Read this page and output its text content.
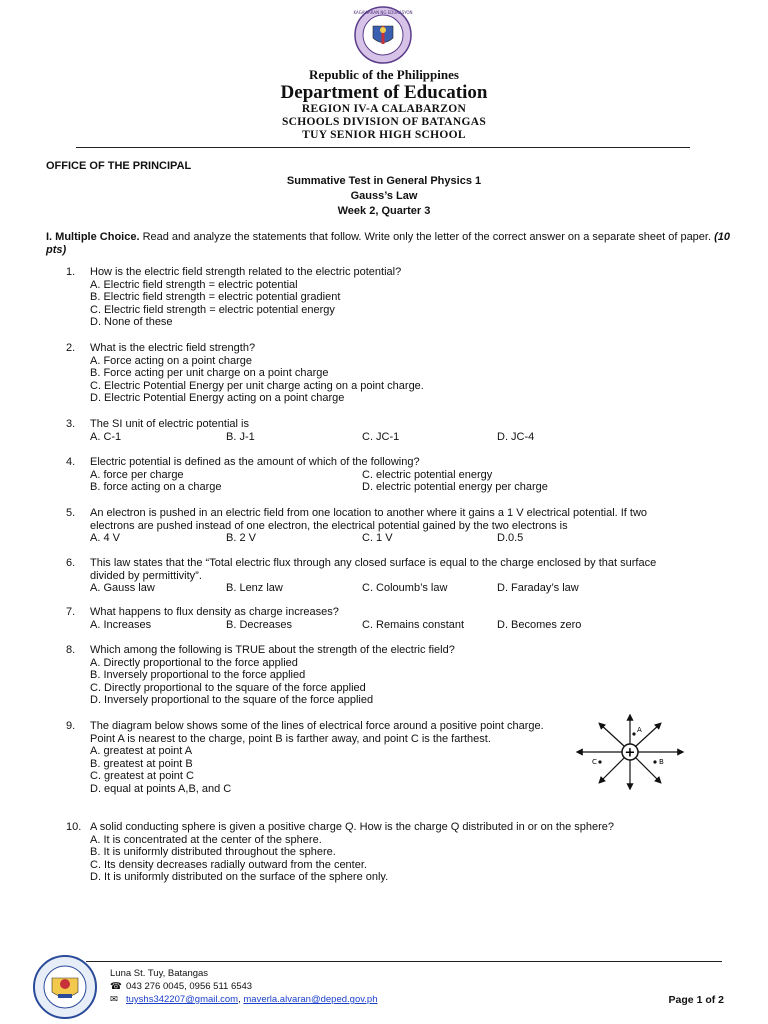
KAGAWARAN NG EDUKASYON
Republic of the Philippines
Department of Education
REGION IV-A CALABARZON
SCHOOLS DIVISION OF BATANGAS
TUY SENIOR HIGH SCHOOL
OFFICE OF THE PRINCIPAL
Summative Test in General Physics 1
Gauss’s Law
Week 2, Quarter 3
I. Multiple Choice. Read and analyze the statements that follow. Write only the letter of the correct answer on a separate sheet of paper. (10 pts)
1.	How is the electric field strength related to the electric potential?
A. Electric field strength = electric potential
B. Electric field strength = electric potential gradient
C. Electric field strength = electric potential energy
D. None of these
2.	What is the electric field strength?
A. Force acting on a point charge
B. Force acting per unit charge on a point charge
C. Electric Potential Energy per unit charge acting on a point charge.
D. Electric Potential Energy acting on a point charge
3.	The SI unit of electric potential is
A. C-1	B. J-1	C. JC-1	D. JC-4
4.	Electric potential is defined as the amount of which of the following?
A. force per charge	C. electric potential energy
B. force acting on a charge	D. electric potential energy per charge
5.	An electron is pushed in an electric field from one location to another where it gains a 1 V electrical potential. If two electrons are pushed instead of one electron, the electrical potential gained by the two electrons is
A. 4 V	B. 2 V	C. 1 V	D.0.5
6.	This law states that the “Total electric flux through any closed surface is equal to the charge enclosed by that surface divided by permittivity”.
A. Gauss law	B. Lenz law	C. Coloumb’s law	D. Faraday’s law
7.	What happens to flux density as charge increases?
A. Increases	B. Decreases	C. Remains constant	D. Becomes zero
8.	Which among the following is TRUE about the strength of the electric field?
A. Directly proportional to the force applied
B. Inversely proportional to the force applied
C. Directly proportional to the square of the force applied
D. Inversely proportional to the square of the force applied
9.	The diagram below shows some of the lines of electrical force around a positive point charge. Point A is nearest to the charge, point B is farther away, and point C is the farthest.
A. greatest at point A
B. greatest at point B
C. greatest at point C
D. equal at points A,B, and C
+
A
B
C
10. A solid conducting sphere is given a positive charge Q. How is the charge Q distributed in or on the sphere?
A. It is concentrated at the center of the sphere.
B. It is uniformly distributed throughout the sphere.
C. Its density decreases radially outward from the center.
D. It is uniformly distributed on the surface of the sphere only.
Luna St. Tuy, Batangas
☎ 043 276 0045, 0956 511 6543
✉ tuyshs342207@gmail.com, maverla.alvaran@deped.gov.ph	Page 1 of 2
